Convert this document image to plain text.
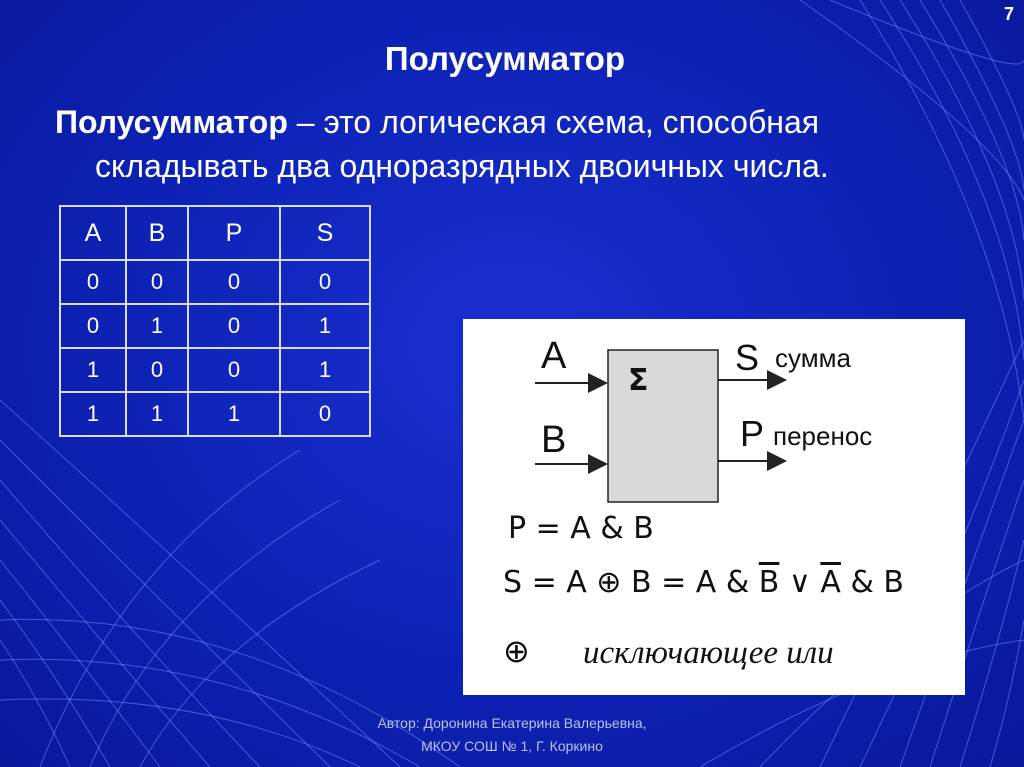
7
Полусумматор
Полусумматор – это логическая схема, способная
складывать два одноразрядных двоичных числа.
A	B	P	S
0	0	0	0
0	1	0	1
1	0	0	1
1	1	1	0
Σ
A
B
S сумма
P перенос
P = A & B
S = A ⊕ B = A & $\overline{B}$ ∨ $\overline{A}$ & B
⊕ исключающее или
Автор: Доронина Екатерина Валерьевна,
МКОУ СОШ № 1, Г. Коркино
